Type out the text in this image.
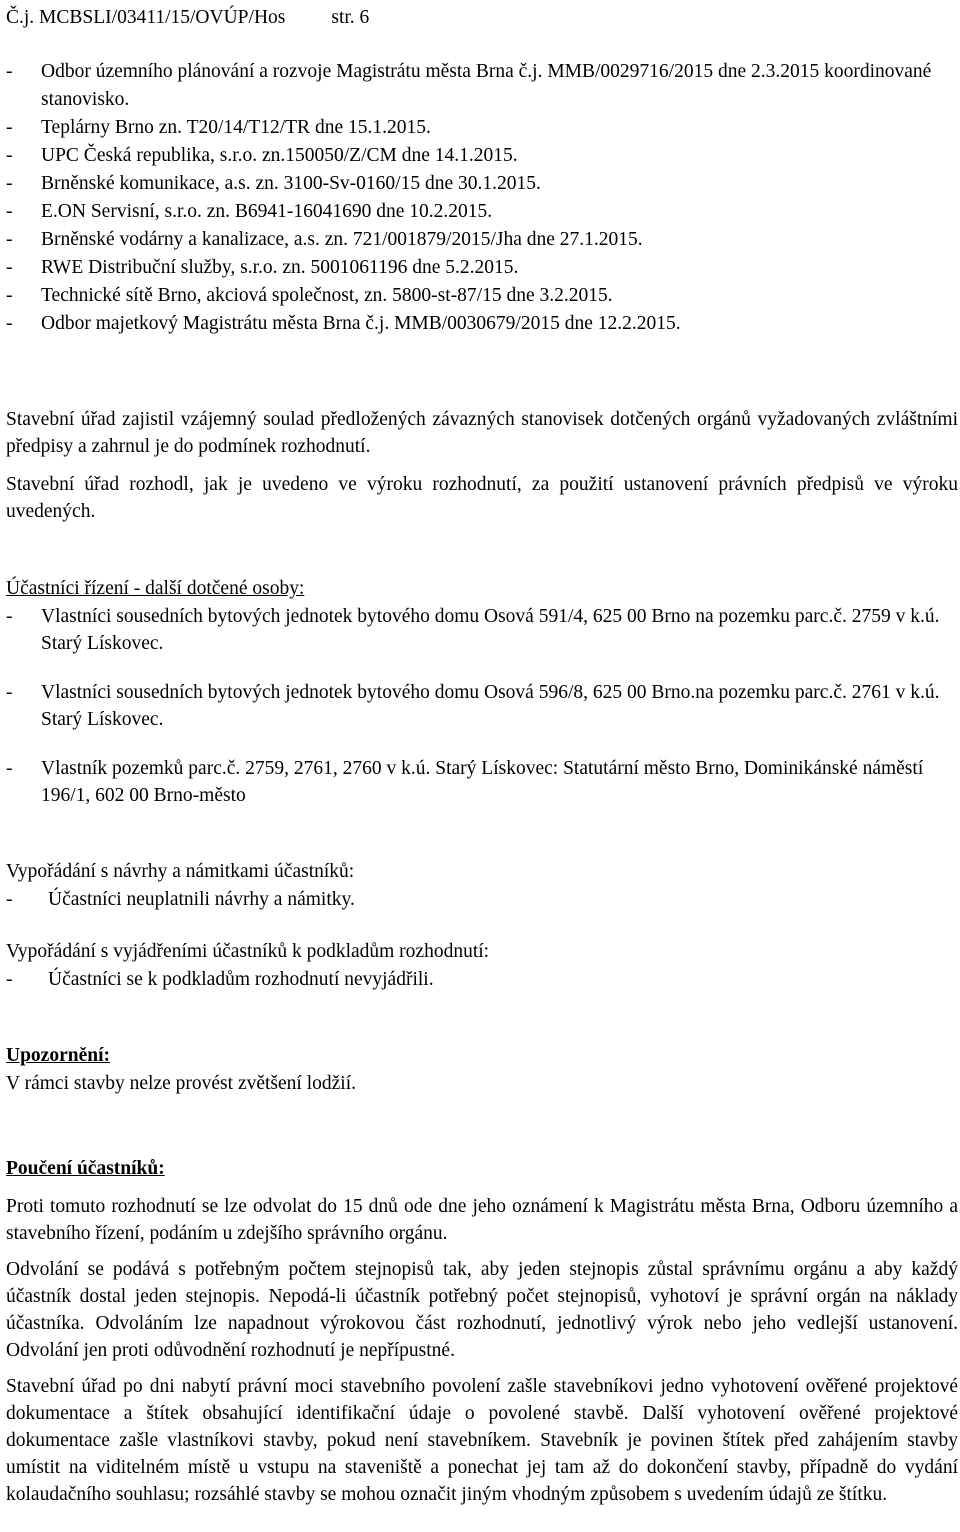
Č.j. MCBSLI/03411/15/OVÚP/Hos str. 6
- Odbor územního plánování a rozvoje Magistrátu města Brna č.j. MMB/0029716/2015 dne 2.3.2015 koordinované stanovisko.
- Teplárny Brno zn. T20/14/T12/TR dne 15.1.2015.
- UPC Česká republika, s.r.o. zn.150050/Z/CM dne 14.1.2015.
- Brněnské komunikace, a.s. zn. 3100-Sv-0160/15 dne 30.1.2015.
- E.ON Servisní, s.r.o. zn. B6941-16041690 dne 10.2.2015.
- Brněnské vodárny a kanalizace, a.s. zn. 721/001879/2015/Jha dne 27.1.2015.
- RWE Distribuční služby, s.r.o. zn. 5001061196 dne 5.2.2015.
- Technické sítě Brno, akciová společnost, zn. 5800-st-87/15 dne 3.2.2015.
- Odbor majetkový Magistrátu města Brna č.j. MMB/0030679/2015 dne 12.2.2015.

Stavební úřad zajistil vzájemný soulad předložených závazných stanovisek dotčených orgánů vyžadovaných zvláštními předpisy a zahrnul je do podmínek rozhodnutí.

Stavební úřad rozhodl, jak je uvedeno ve výroku rozhodnutí, za použití ustanovení právních předpisů ve výroku uvedených.

Účastníci řízení - další dotčené osoby:
- Vlastníci sousedních bytových jednotek bytového domu Osová 591/4, 625 00 Brno na pozemku parc.č. 2759 v k.ú. Starý Lískovec.
- Vlastníci sousedních bytových jednotek bytového domu Osová 596/8, 625 00 Brno.na pozemku parc.č. 2761 v k.ú. Starý Lískovec.
- Vlastník pozemků parc.č. 2759, 2761, 2760 v k.ú. Starý Lískovec: Statutární město Brno, Dominikánské náměstí 196/1, 602 00 Brno-město
Vypořádání s návrhy a námitkami účastníků:
- Účastníci neuplatnili návrhy a námitky.
Vypořádání s vyjádřeními účastníků k podkladům rozhodnutí:
- Účastníci se k podkladům rozhodnutí nevyjádřili.
Upozornění:
V rámci stavby nelze provést zvětšení lodžií.
Poučení účastníků:

Proti tomuto rozhodnutí se lze odvolat do 15 dnů ode dne jeho oznámení k Magistrátu města Brna, Odboru územního a stavebního řízení, podáním u zdejšího správního orgánu.

Odvolání se podává s potřebným počtem stejnopisů tak, aby jeden stejnopis zůstal správnímu orgánu a aby každý účastník dostal jeden stejnopis. Nepodá-li účastník potřebný počet stejnopisů, vyhotoví je správní orgán na náklady účastníka. Odvoláním lze napadnout výrokovou část rozhodnutí, jednotlivý výrok nebo jeho vedlejší ustanovení. Odvolání jen proti odůvodnění rozhodnutí je nepřípustné.

Stavební úřad po dni nabytí právní moci stavebního povolení zašle stavebníkovi jedno vyhotovení ověřené projektové dokumentace a štítek obsahující identifikační údaje o povolené stavbě. Další vyhotovení ověřené projektové dokumentace zašle vlastníkovi stavby, pokud není stavebníkem. Stavebník je povinen štítek před zahájením stavby umístit na viditelném místě u vstupu na staveniště a ponechat jej tam až do dokončení stavby, případně do vydání kolaudačního souhlasu; rozsáhlé stavby se mohou označit jiným vhodným způsobem s uvedením údajů ze štítku.
